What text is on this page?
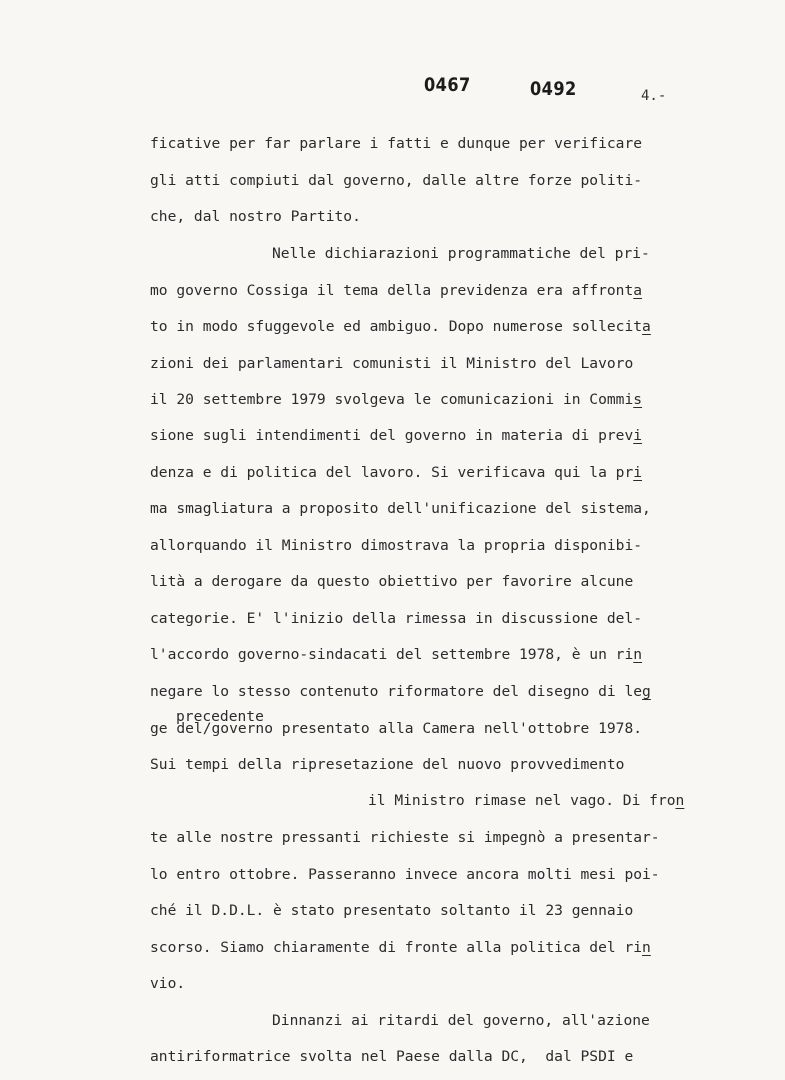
0467	0492	4.-
precedente
ficative per far parlare i fatti e dunque per verificare
gli atti compiuti dal governo, dalle altre forze politi-
che, dal nostro Partito.
Nelle dichiarazioni programmatiche del pri-
mo governo Cossiga il tema della previdenza era affronta
to in modo sfuggevole ed ambiguo. Dopo numerose sollecita
zioni dei parlamentari comunisti il Ministro del Lavoro
il 20 settembre 1979 svolgeva le comunicazioni in Commis
sione sugli intendimenti del governo in materia di previ
denza e di politica del lavoro. Si verificava qui la pri
ma smagliatura a proposito dell'unificazione del sistema,
allorquando il Ministro dimostrava la propria disponibi-
lità a derogare da questo obiettivo per favorire alcune
categorie. E' l'inizio della rimessa in discussione del-
l'accordo governo-sindacati del settembre 1978, è un rin
negare lo stesso contenuto riformatore del disegno di leg
ge del/governo presentato alla Camera nell'ottobre 1978.
Sui tempi della ripresetazione del nuovo provvedimento
il Ministro rimase nel vago. Di fron
te alle nostre pressanti richieste si impegnò a presentar-
lo entro ottobre. Passeranno invece ancora molti mesi poi-
ché il D.D.L. è stato presentato soltanto il 23 gennaio
scorso. Siamo chiaramente di fronte alla politica del rin
vio.
Dinnanzi ai ritardi del governo, all'azione
antiriformatrice svolta nel Paese dalla DC,  dal PSDI e
